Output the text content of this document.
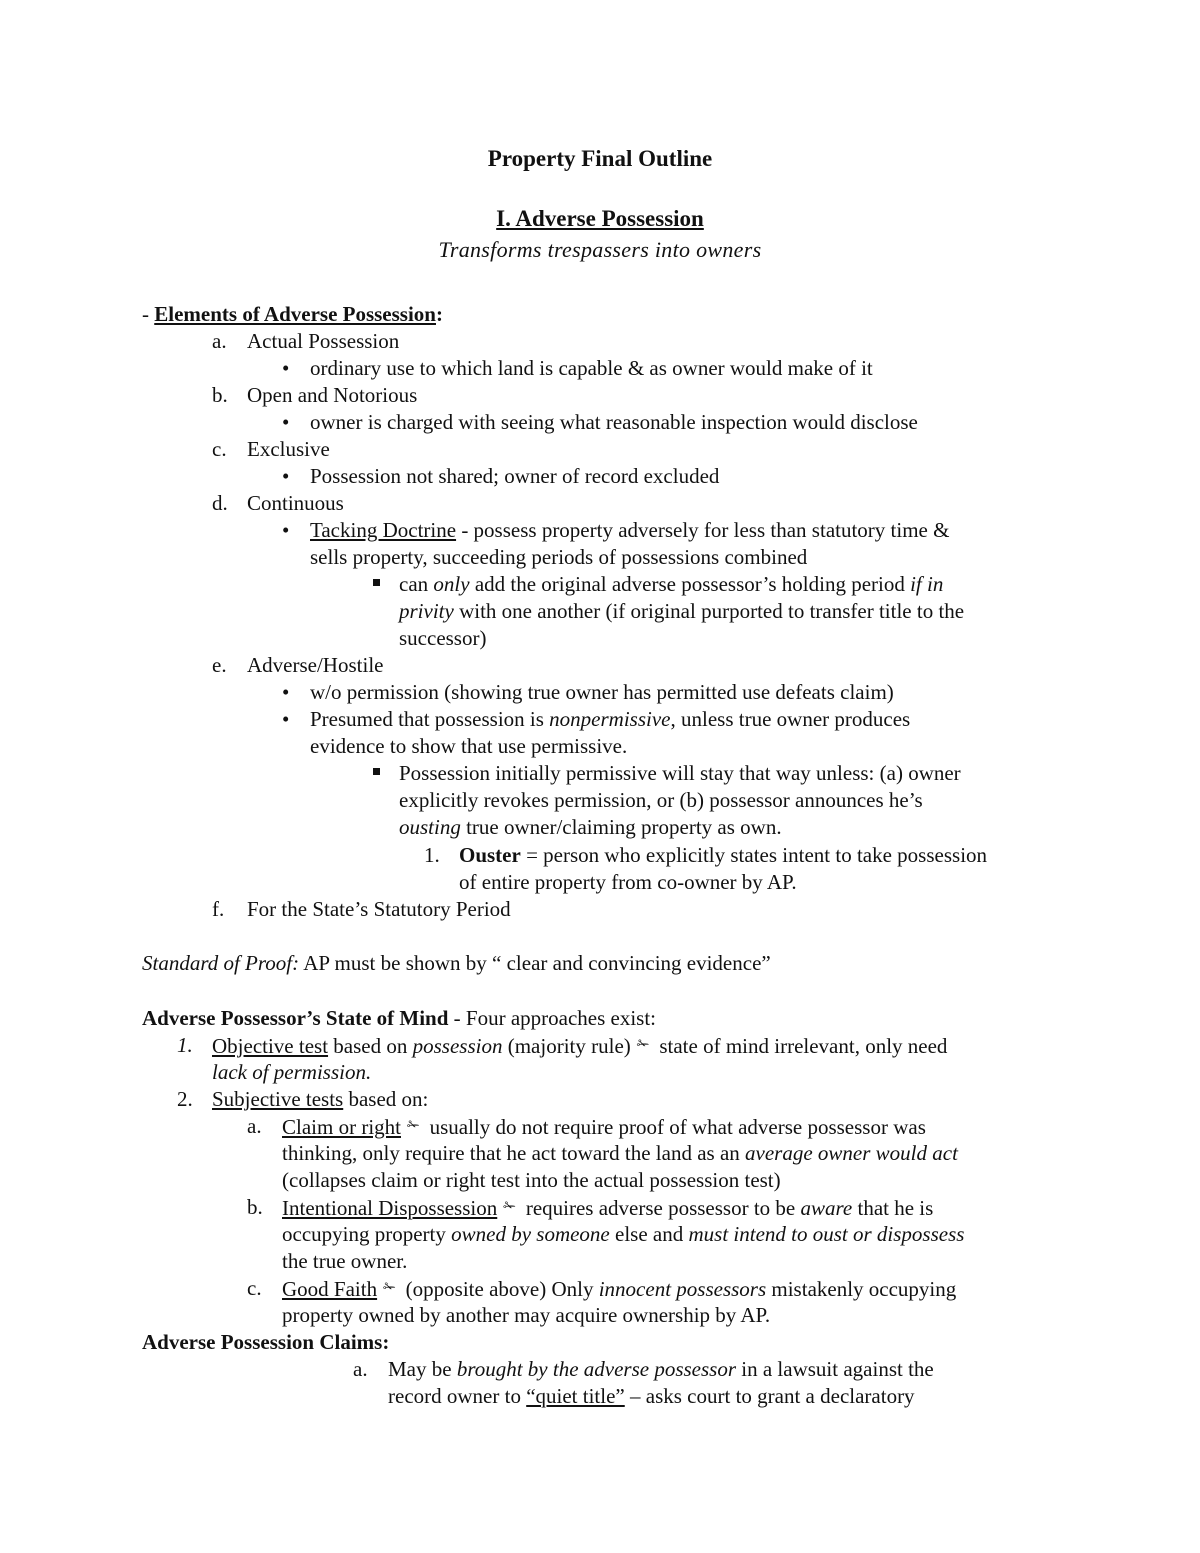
Property Final Outline
I. Adverse Possession
Transforms trespassers into owners
- Elements of Adverse Possession:
a. Actual Possession
• ordinary use to which land is capable & as owner would make of it
b. Open and Notorious
• owner is charged with seeing what reasonable inspection would disclose
c. Exclusive
• Possession not shared; owner of record excluded
d. Continuous
• Tacking Doctrine - possess property adversely for less than statutory time &
sells property, succeeding periods of possessions combined
can only add the original adverse possessor’s holding period if in
privity with one another (if original purported to transfer title to the
successor)
e. Adverse/Hostile
• w/o permission (showing true owner has permitted use defeats claim)
• Presumed that possession is nonpermissive, unless true owner produces
evidence to show that use permissive.
Possession initially permissive will stay that way unless: (a) owner
explicitly revokes permission, or (b) possessor announces he’s
ousting true owner/claiming property as own.
1. Ouster = person who explicitly states intent to take possession
of entire property from co-owner by AP.
f. For the State’s Statutory Period
Standard of Proof: AP must be shown by “ clear and convincing evidence”
Adverse Possessor’s State of Mind - Four approaches exist:
1. Objective test based on possession (majority rule) ✁ state of mind irrelevant, only need
lack of permission.
2. Subjective tests based on:
a. Claim or right ✁ usually do not require proof of what adverse possessor was
thinking, only require that he act toward the land as an average owner would act
(collapses claim or right test into the actual possession test)
b. Intentional Dispossession ✁ requires adverse possessor to be aware that he is
occupying property owned by someone else and must intend to oust or dispossess
the true owner.
c. Good Faith ✁ (opposite above) Only innocent possessors mistakenly occupying
property owned by another may acquire ownership by AP.
Adverse Possession Claims:
a. May be brought by the adverse possessor in a lawsuit against the
record owner to “quiet title” – asks court to grant a declaratory
